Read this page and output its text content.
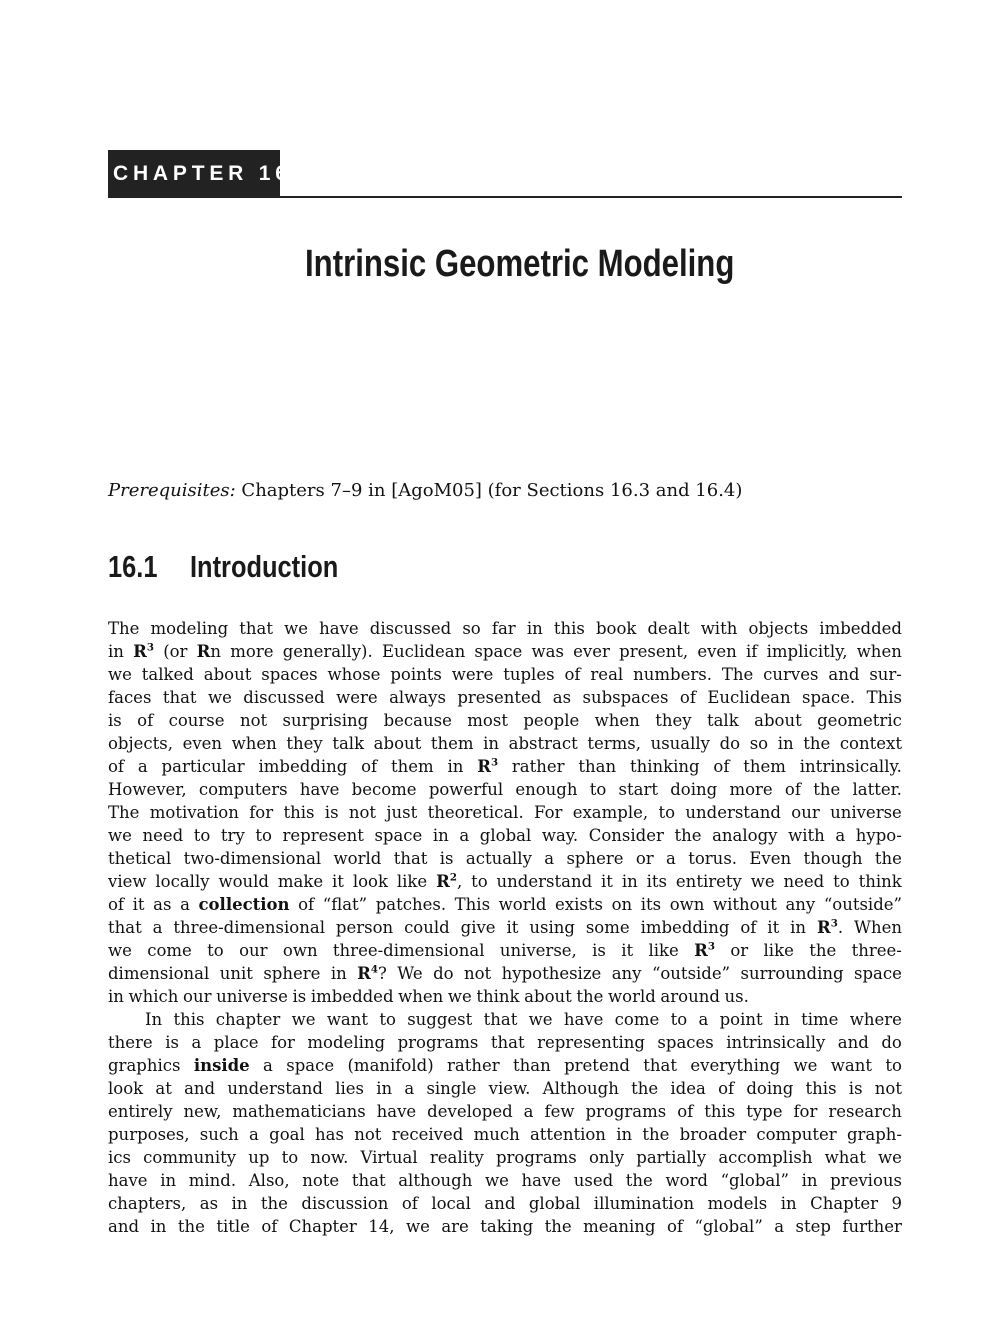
CHAPTER 16
Intrinsic Geometric Modeling
Prerequisites: Chapters 7–9 in [AgoM05] (for Sections 16.3 and 16.4)
16.1 Introduction
The modeling that we have discussed so far in this book dealt with objects imbedded
in $R^3$ (or Rn more generally). Euclidean space was ever present, even if implicitly, when
we talked about spaces whose points were tuples of real numbers. The curves and sur-
faces that we discussed were always presented as subspaces of Euclidean space. This
is of course not surprising because most people when they talk about geometric
objects, even when they talk about them in abstract terms, usually do so in the context
of a particular imbedding of them in $R^3$ rather than thinking of them intrinsically.
However, computers have become powerful enough to start doing more of the latter.
The motivation for this is not just theoretical. For example, to understand our universe
we need to try to represent space in a global way. Consider the analogy with a hypo-
thetical two-dimensional world that is actually a sphere or a torus. Even though the
view locally would make it look like $R^2$, to understand it in its entirety we need to think
of it as a collection of “flat” patches. This world exists on its own without any “outside”
that a three-dimensional person could give it using some imbedding of it in $R^3$. When
we come to our own three-dimensional universe, is it like $R^3$ or like the three-
dimensional unit sphere in $R^4$? We do not hypothesize any “outside” surrounding space
in which our universe is imbedded when we think about the world around us.
In this chapter we want to suggest that we have come to a point in time where
there is a place for modeling programs that representing spaces intrinsically and do
graphics inside a space (manifold) rather than pretend that everything we want to
look at and understand lies in a single view. Although the idea of doing this is not
entirely new, mathematicians have developed a few programs of this type for research
purposes, such a goal has not received much attention in the broader computer graph-
ics community up to now. Virtual reality programs only partially accomplish what we
have in mind. Also, note that although we have used the word “global” in previous
chapters, as in the discussion of local and global illumination models in Chapter 9
and in the title of Chapter 14, we are taking the meaning of “global” a step further
